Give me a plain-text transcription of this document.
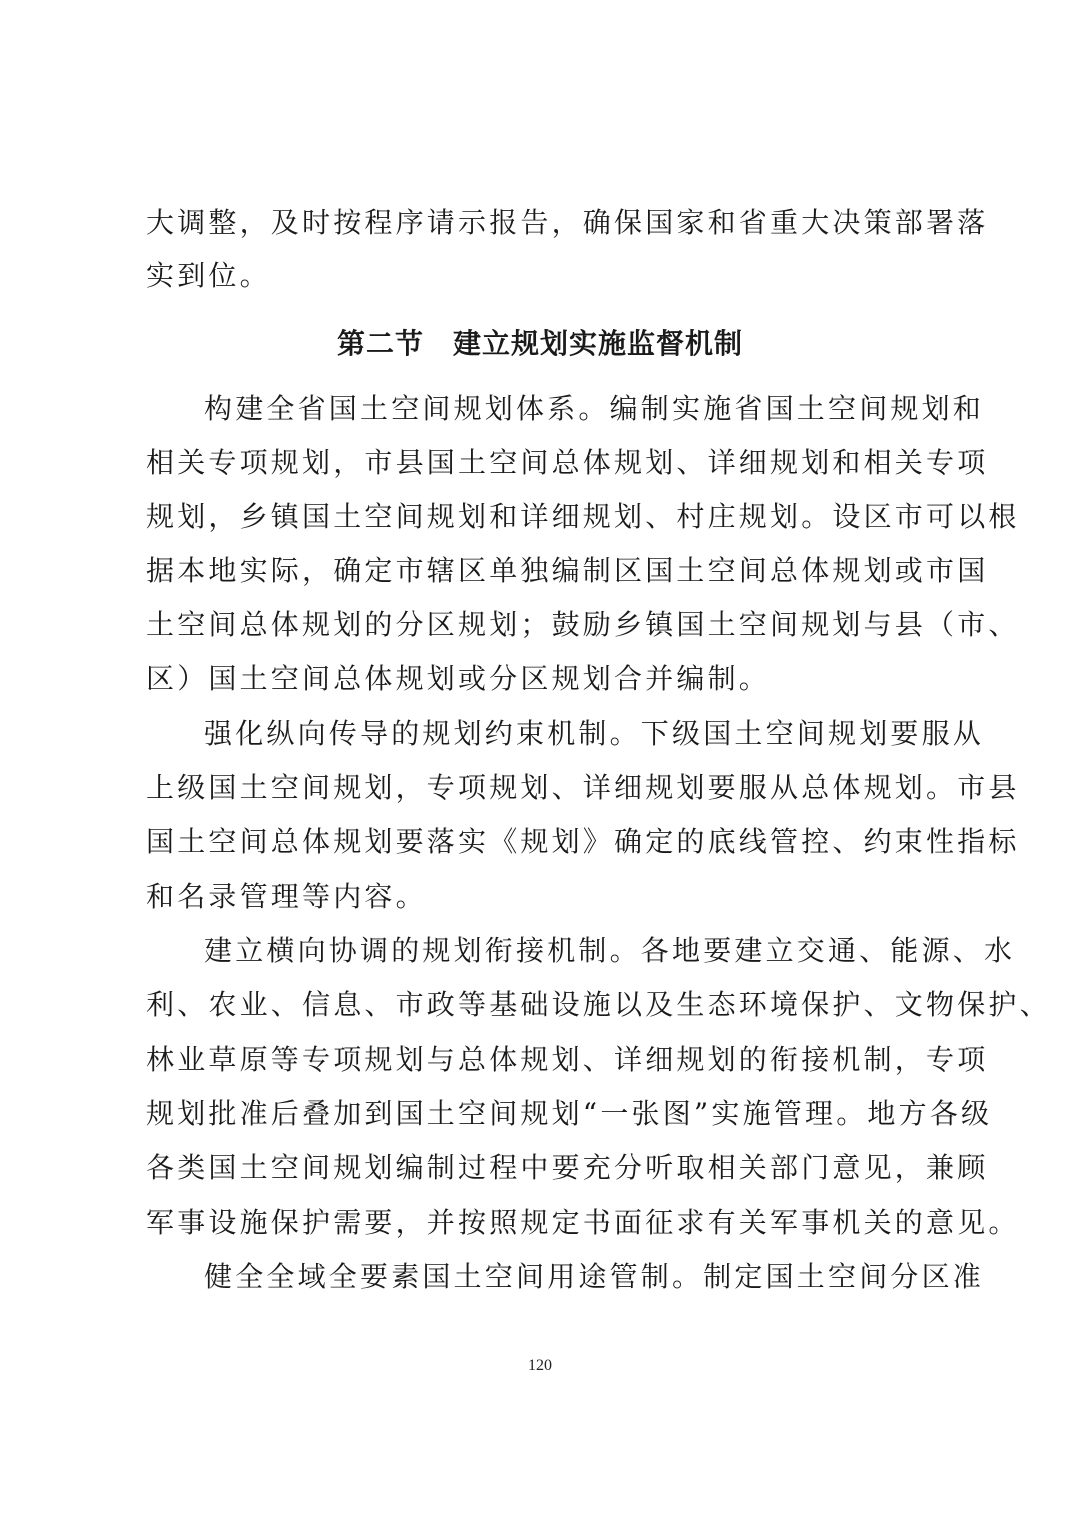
大调整，及时按程序请示报告，确保国家和省重大决策部署落
实到位。
第二节　建立规划实施监督机制
构建全省国土空间规划体系。编制实施省国土空间规划和
相关专项规划，市县国土空间总体规划、详细规划和相关专项
规划，乡镇国土空间规划和详细规划、村庄规划。设区市可以根
据本地实际，确定市辖区单独编制区国土空间总体规划或市国
土空间总体规划的分区规划；鼓励乡镇国土空间规划与县（市、
区）国土空间总体规划或分区规划合并编制。
强化纵向传导的规划约束机制。下级国土空间规划要服从
上级国土空间规划，专项规划、详细规划要服从总体规划。市县
国土空间总体规划要落实《规划》确定的底线管控、约束性指标
和名录管理等内容。
建立横向协调的规划衔接机制。各地要建立交通、能源、水
利、农业、信息、市政等基础设施以及生态环境保护、文物保护、
林业草原等专项规划与总体规划、详细规划的衔接机制，专项
规划批准后叠加到国土空间规划“一张图”实施管理。地方各级
各类国土空间规划编制过程中要充分听取相关部门意见，兼顾
军事设施保护需要，并按照规定书面征求有关军事机关的意见。
健全全域全要素国土空间用途管制。制定国土空间分区准
120
